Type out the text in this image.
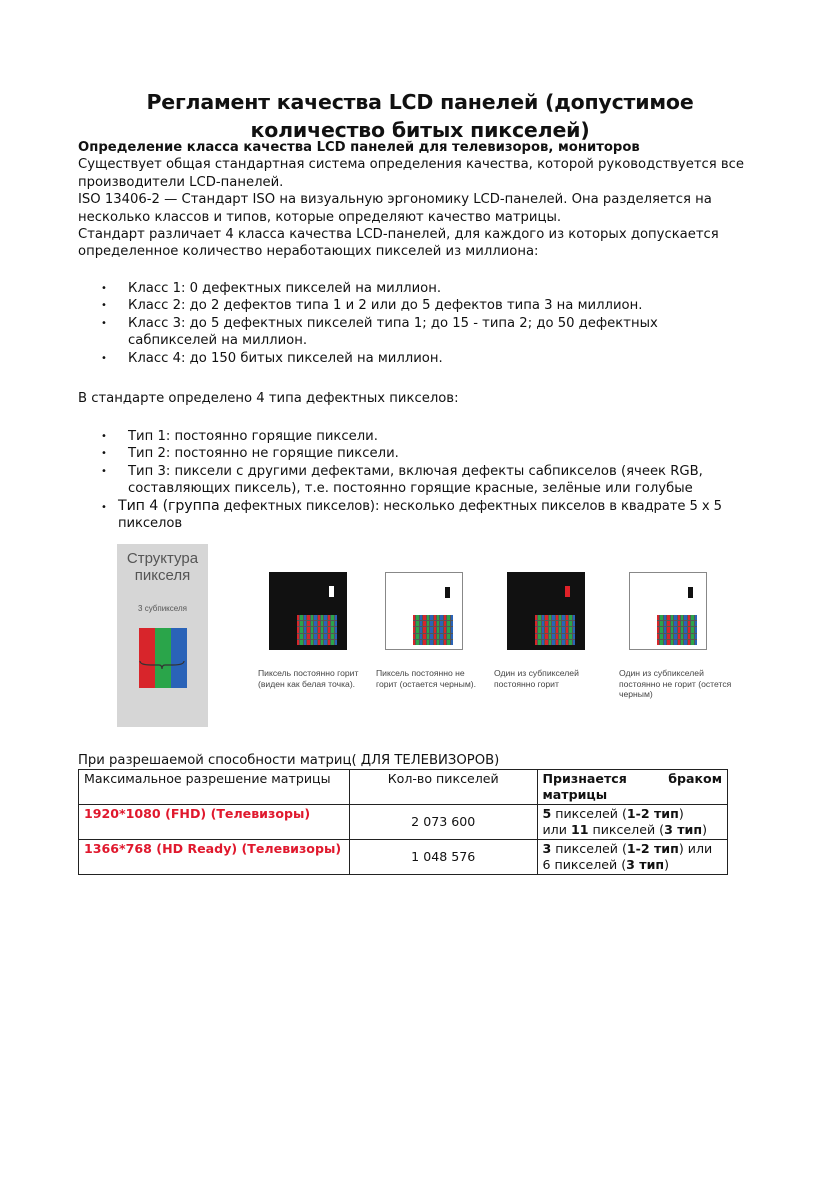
Регламент качества LCD панелей (допустимое количество битых пикселей)

Определение класса качества LCD панелей для телевизоров, мониторов

Существует общая стандартная система определения качества, которой руководствуется все производители LCD-панелей.

ISO 13406-2 — Стандарт ISO на визуальную эргономику LCD-панелей. Она разделяется на несколько классов и типов, которые определяют качество матрицы.

Стандарт различает 4 класса качества LCD-панелей, для каждого из которых допускается определенное количество неработающих пикселей из миллиона:

• Класс 1: 0 дефектных пикселей на миллион.
• Класс 2: до 2 дефектов типа 1 и 2 или до 5 дефектов типа 3 на миллион.
• Класс 3: до 5 дефектных пикселей типа 1; до 15 - типа 2; до 50 дефектных сабпикселей на миллион.
• Класс 4: до 150 битых пикселей на миллион.

В стандарте определено 4 типа дефектных пикселов:

• Тип 1: постоянно горящие пиксели.
• Тип 2: постоянно не горящие пиксели.
• Тип 3: пиксели с другими дефектами, включая дефекты сабпикселов (ячеек RGB, составляющих пиксель), т.е. постоянно горящие красные, зелёные или голубые
• Тип 4 (группа дефектных пикселов): несколько дефектных пикселов в квадрате 5 х 5 пикселов
Структура
пикселя
3 субпикселя
Пиксель постоянно горит (виден как белая точка).
Пиксель постоянно не горит (остается черным).
Один из субпикселей постоянно горит
Один из субпикселей постоянно не горит (остется черным)
При разрешаемой способности матриц( ДЛЯ ТЕЛЕВИЗОРОВ)
Максимальное разрешение матрицы	Кол-во пикселей	Признается браком
матрицы

1920*1080 (FHD) (Телевизоры)	2 073 600	5 пикселей (1-2 тип)
или 11 пикселей (3 тип)

1366*768 (HD Ready) (Телевизоры)	1 048 576	3 пикселей (1-2 тип) или
6 пикселей (3 тип)
